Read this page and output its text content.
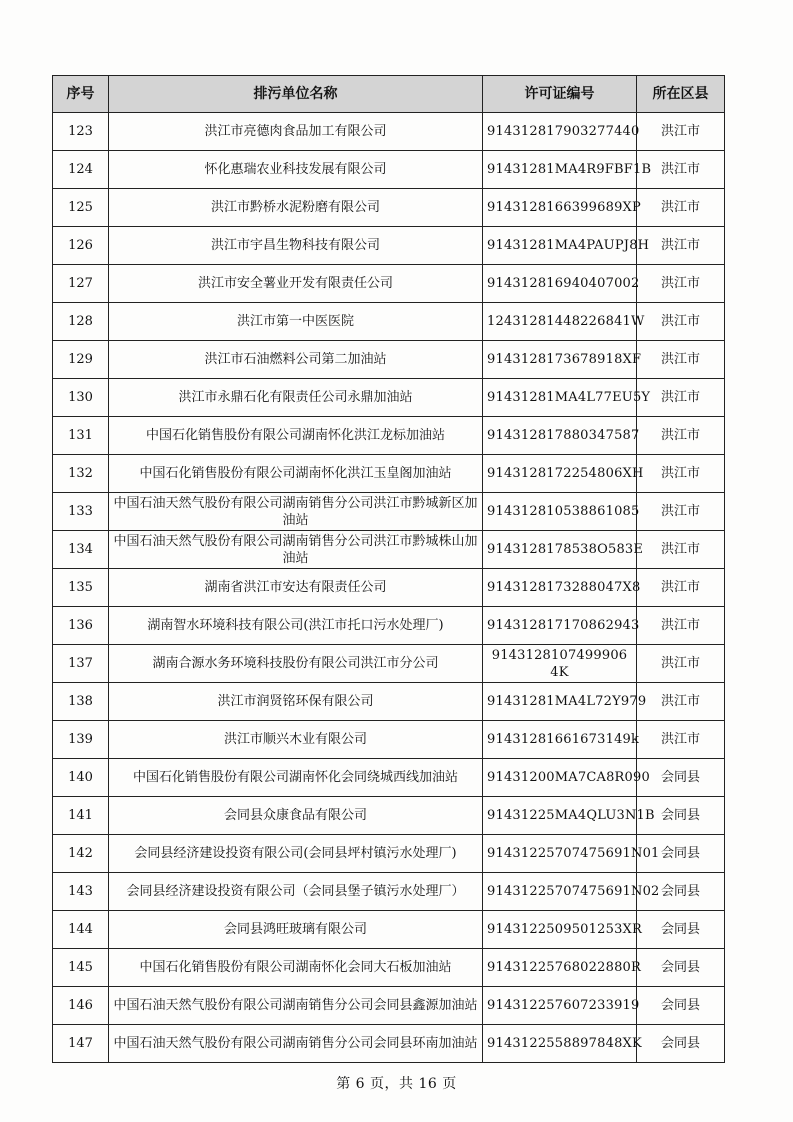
序号	排污单位名称	许可证编号	所在区县
123	洪江市亮德肉食品加工有限公司	914312817903277440	洪江市
124	怀化惠瑞农业科技发展有限公司	91431281MA4R9FBF1B	洪江市
125	洪江市黔桥水泥粉磨有限公司	9143128166399689XP	洪江市
126	洪江市宇昌生物科技有限公司	91431281MA4PAUPJ8H	洪江市
127	洪江市安全薯业开发有限责任公司	914312816940407002	洪江市
128	洪江市第一中医医院	12431281448226841W	洪江市
129	洪江市石油燃料公司第二加油站	9143128173678918XF	洪江市
130	洪江市永鼎石化有限责任公司永鼎加油站	91431281MA4L77EU5Y	洪江市
131	中国石化销售股份有限公司湖南怀化洪江龙标加油站	914312817880347587	洪江市
132	中国石化销售股份有限公司湖南怀化洪江玉皇阁加油站	9143128172254806XH	洪江市
133	中国石油天然气股份有限公司湖南销售分公司洪江市黔城新区加油站	914312810538861085	洪江市
134	中国石油天然气股份有限公司湖南销售分公司洪江市黔城株山加油站	9143128178538O583E	洪江市
135	湖南省洪江市安达有限责任公司	9143128173288047X8	洪江市
136	湖南智水环境科技有限公司(洪江市托口污水处理厂)	914312817170862943	洪江市
137	湖南合源水务环境科技股份有限公司洪江市分公司	9143128107499906 4K	洪江市
138	洪江市润贤铭环保有限公司	91431281MA4L72Y979	洪江市
139	洪江市顺兴木业有限公司	91431281661673149k	洪江市
140	中国石化销售股份有限公司湖南怀化会同绕城西线加油站	91431200MA7CA8R090	会同县
141	会同县众康食品有限公司	91431225MA4QLU3N1B	会同县
142	会同县经济建设投资有限公司(会同县坪村镇污水处理厂)	91431225707475691N01	会同县
143	会同县经济建设投资有限公司（会同县堡子镇污水处理厂）	91431225707475691N02	会同县
144	会同县鸿旺玻璃有限公司	9143122509501253XR	会同县
145	中国石化销售股份有限公司湖南怀化会同大石板加油站	91431225768022880R	会同县
146	中国石油天然气股份有限公司湖南销售分公司会同县鑫源加油站	914312257607233919	会同县
147	中国石油天然气股份有限公司湖南销售分公司会同县环南加油站	9143122558897848XK	会同县
第 6 页，共 16 页
